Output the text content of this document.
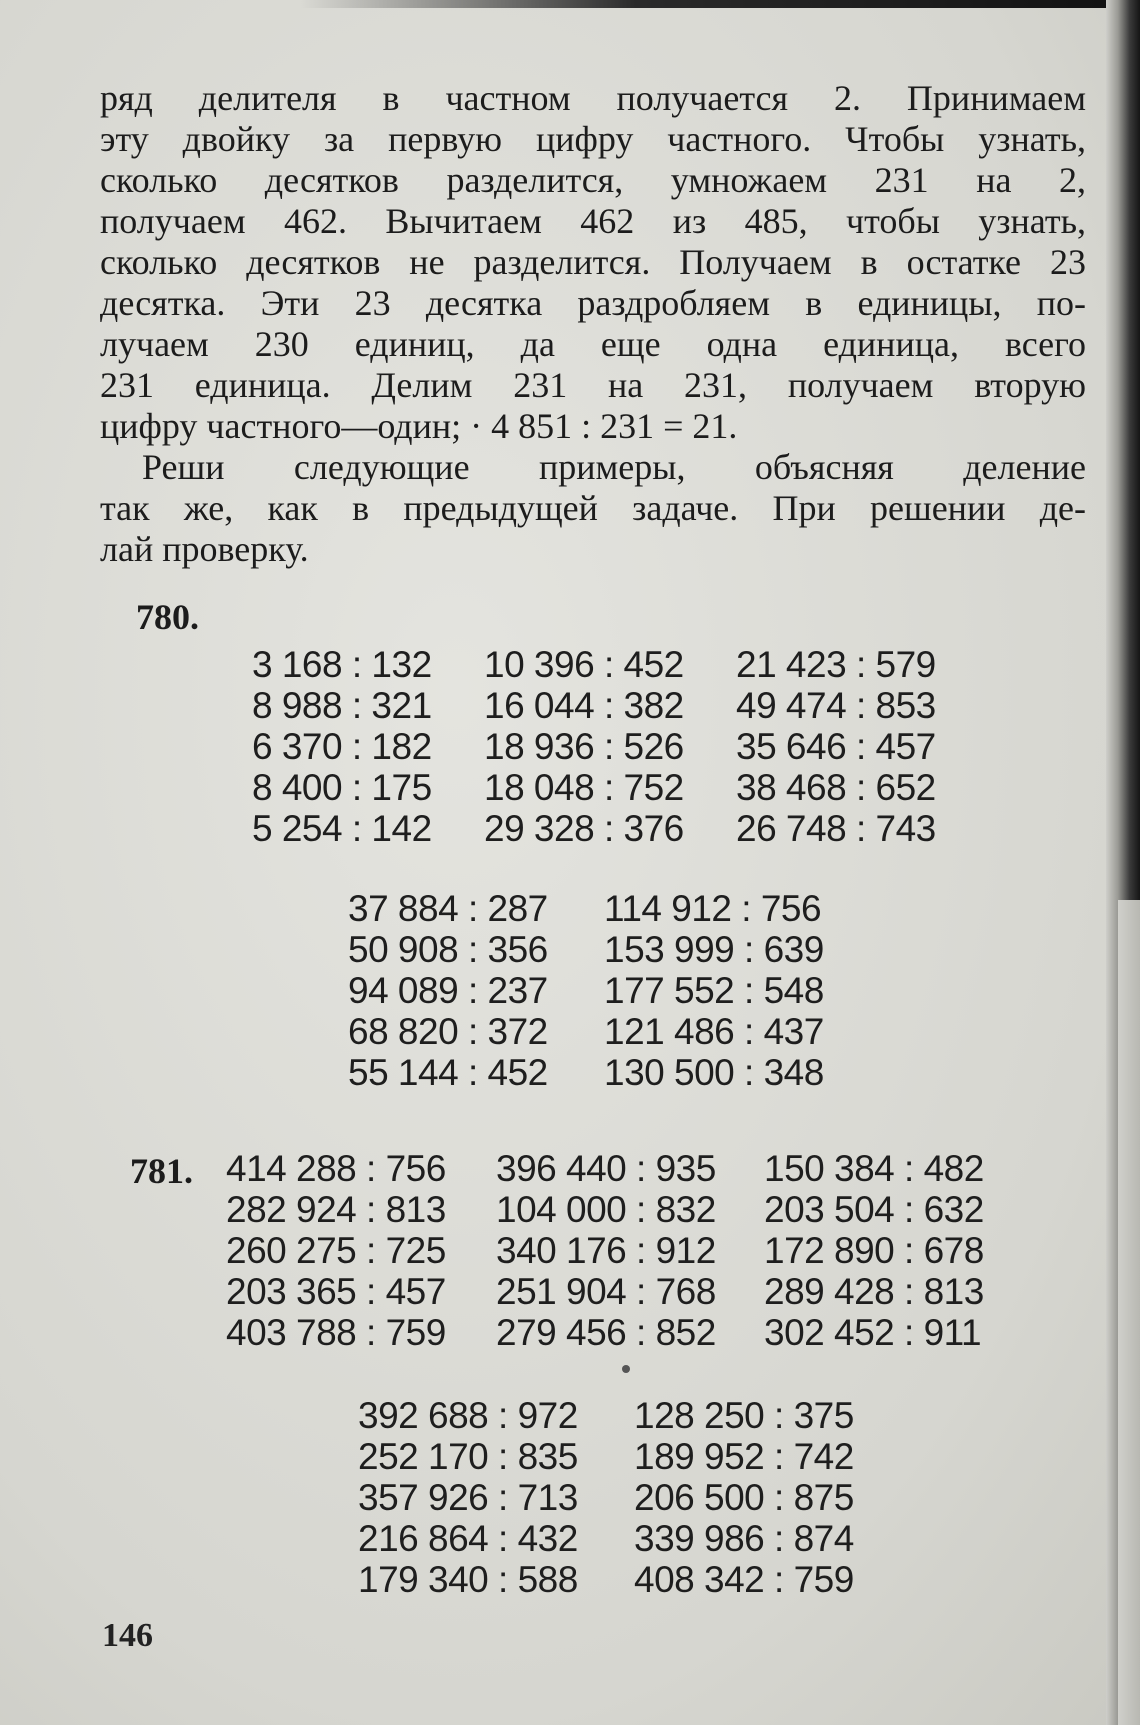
ряд делителя в частном получается 2. Принимаем
эту двойку за первую цифру частного. Чтобы узнать,
сколько десятков разделится, умножаем 231 на 2,
получаем 462. Вычитаем 462 из 485, чтобы узнать,
сколько десятков не разделится. Получаем в остатке 23
десятка. Эти 23 десятка раздробляем в единицы, по-
лучаем 230 единиц, да еще одна единица, всего
231 единица. Делим 231 на 231, получаем вторую
цифру частного—один; · 4 851 : 231 = 21.

Реши следующие примеры, объясняя деление
так же, как в предыдущей задаче. При решении де-
лай проверку.

780.
3 168 : 132
8 988 : 321
6 370 : 182
8 400 : 175
5 254 : 142
10 396 : 452
16 044 : 382
18 936 : 526
18 048 : 752
29 328 : 376
21 423 : 579
49 474 : 853
35 646 : 457
38 468 : 652
26 748 : 743
37 884 : 287
50 908 : 356
94 089 : 237
68 820 : 372
55 144 : 452
114 912 : 756
153 999 : 639
177 552 : 548
121 486 : 437
130 500 : 348
781. 414 288 : 756
282 924 : 813
260 275 : 725
203 365 : 457
403 788 : 759
396 440 : 935
104 000 : 832
340 176 : 912
251 904 : 768
279 456 : 852
150 384 : 482
203 504 : 632
172 890 : 678
289 428 : 813
302 452 : 911
392 688 : 972
252 170 : 835
357 926 : 713
216 864 : 432
179 340 : 588
128 250 : 375
189 952 : 742
206 500 : 875
339 986 : 874
408 342 : 759
146
